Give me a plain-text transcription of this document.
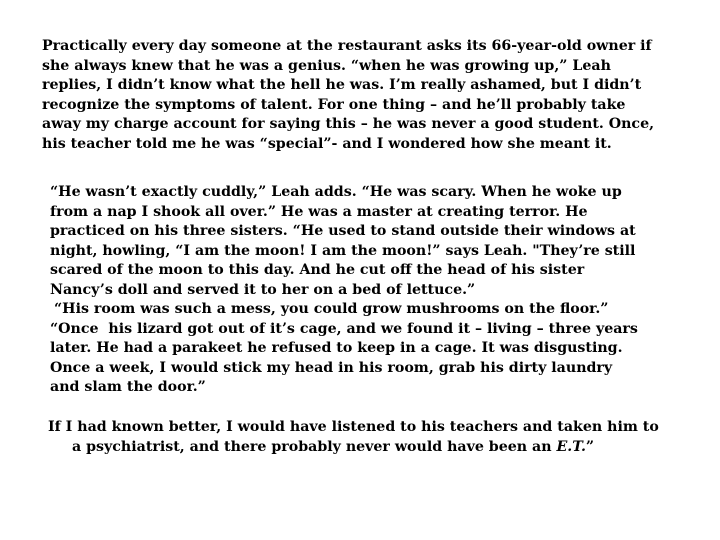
Practically every day someone at the restaurant asks its 66-year-old owner if
she always knew that he was a genius. “when he was growing up,” Leah
replies, I didn’t know what the hell he was. I’m really ashamed, but I didn’t
recognize the symptoms of talent. For one thing – and he’ll probably take
away my charge account for saying this – he was never a good student. Once,
his teacher told me he was “special”- and I wondered how she meant it.
“He wasn’t exactly cuddly,” Leah adds. “He was scary. When he woke up
from a nap I shook all over.” He was a master at creating terror. He
practiced on his three sisters. “He used to stand outside their windows at
night, howling, “I am the moon! I am the moon!” says Leah. "They’re still
scared of the moon to this day. And he cut off the head of his sister
Nancy’s doll and served it to her on a bed of lettuce.”
“His room was such a mess, you could grow mushrooms on the floor.”
“Once  his lizard got out of it’s cage, and we found it – living – three years
later. He had a parakeet he refused to keep in a cage. It was disgusting.
Once a week, I would stick my head in his room, grab his dirty laundry
and slam the door.”
If I had known better, I would have listened to his teachers and taken him to
a psychiatrist, and there probably never would have been an E.T.”
